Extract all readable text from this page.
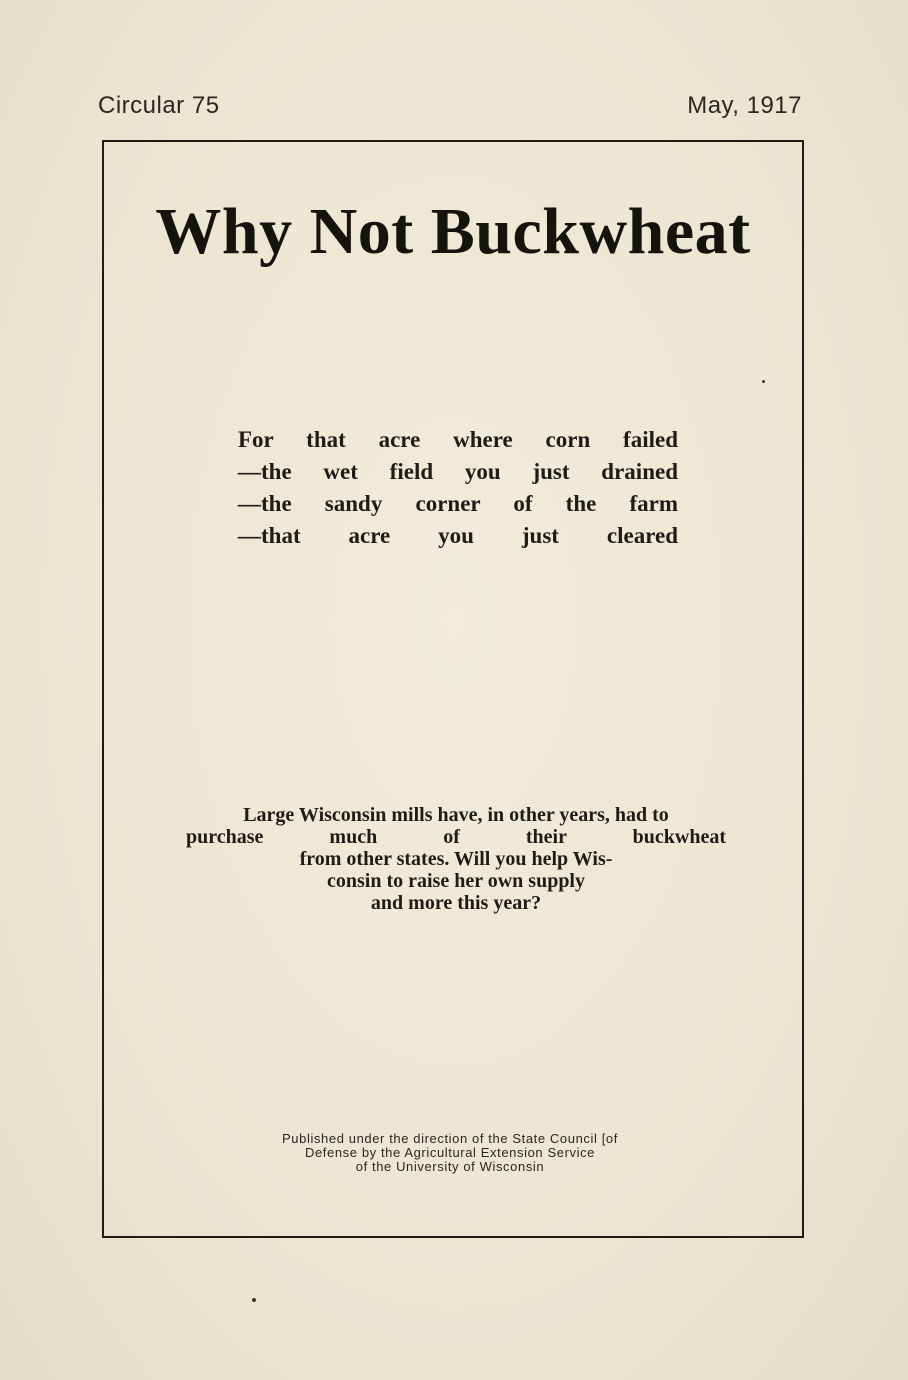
Circular 75	May, 1917
Why Not Buckwheat
For that acre where corn failed
—the wet field you just drained
—the sandy corner of the farm
—that acre you just cleared
Large Wisconsin mills have, in other years, had to
purchase much of their buckwheat
from other states. Will you help Wis-
consin to raise her own supply
and more this year?
Published under the direction of the State Council [of
Defense by the Agricultural Extension Service
of the University of Wisconsin
